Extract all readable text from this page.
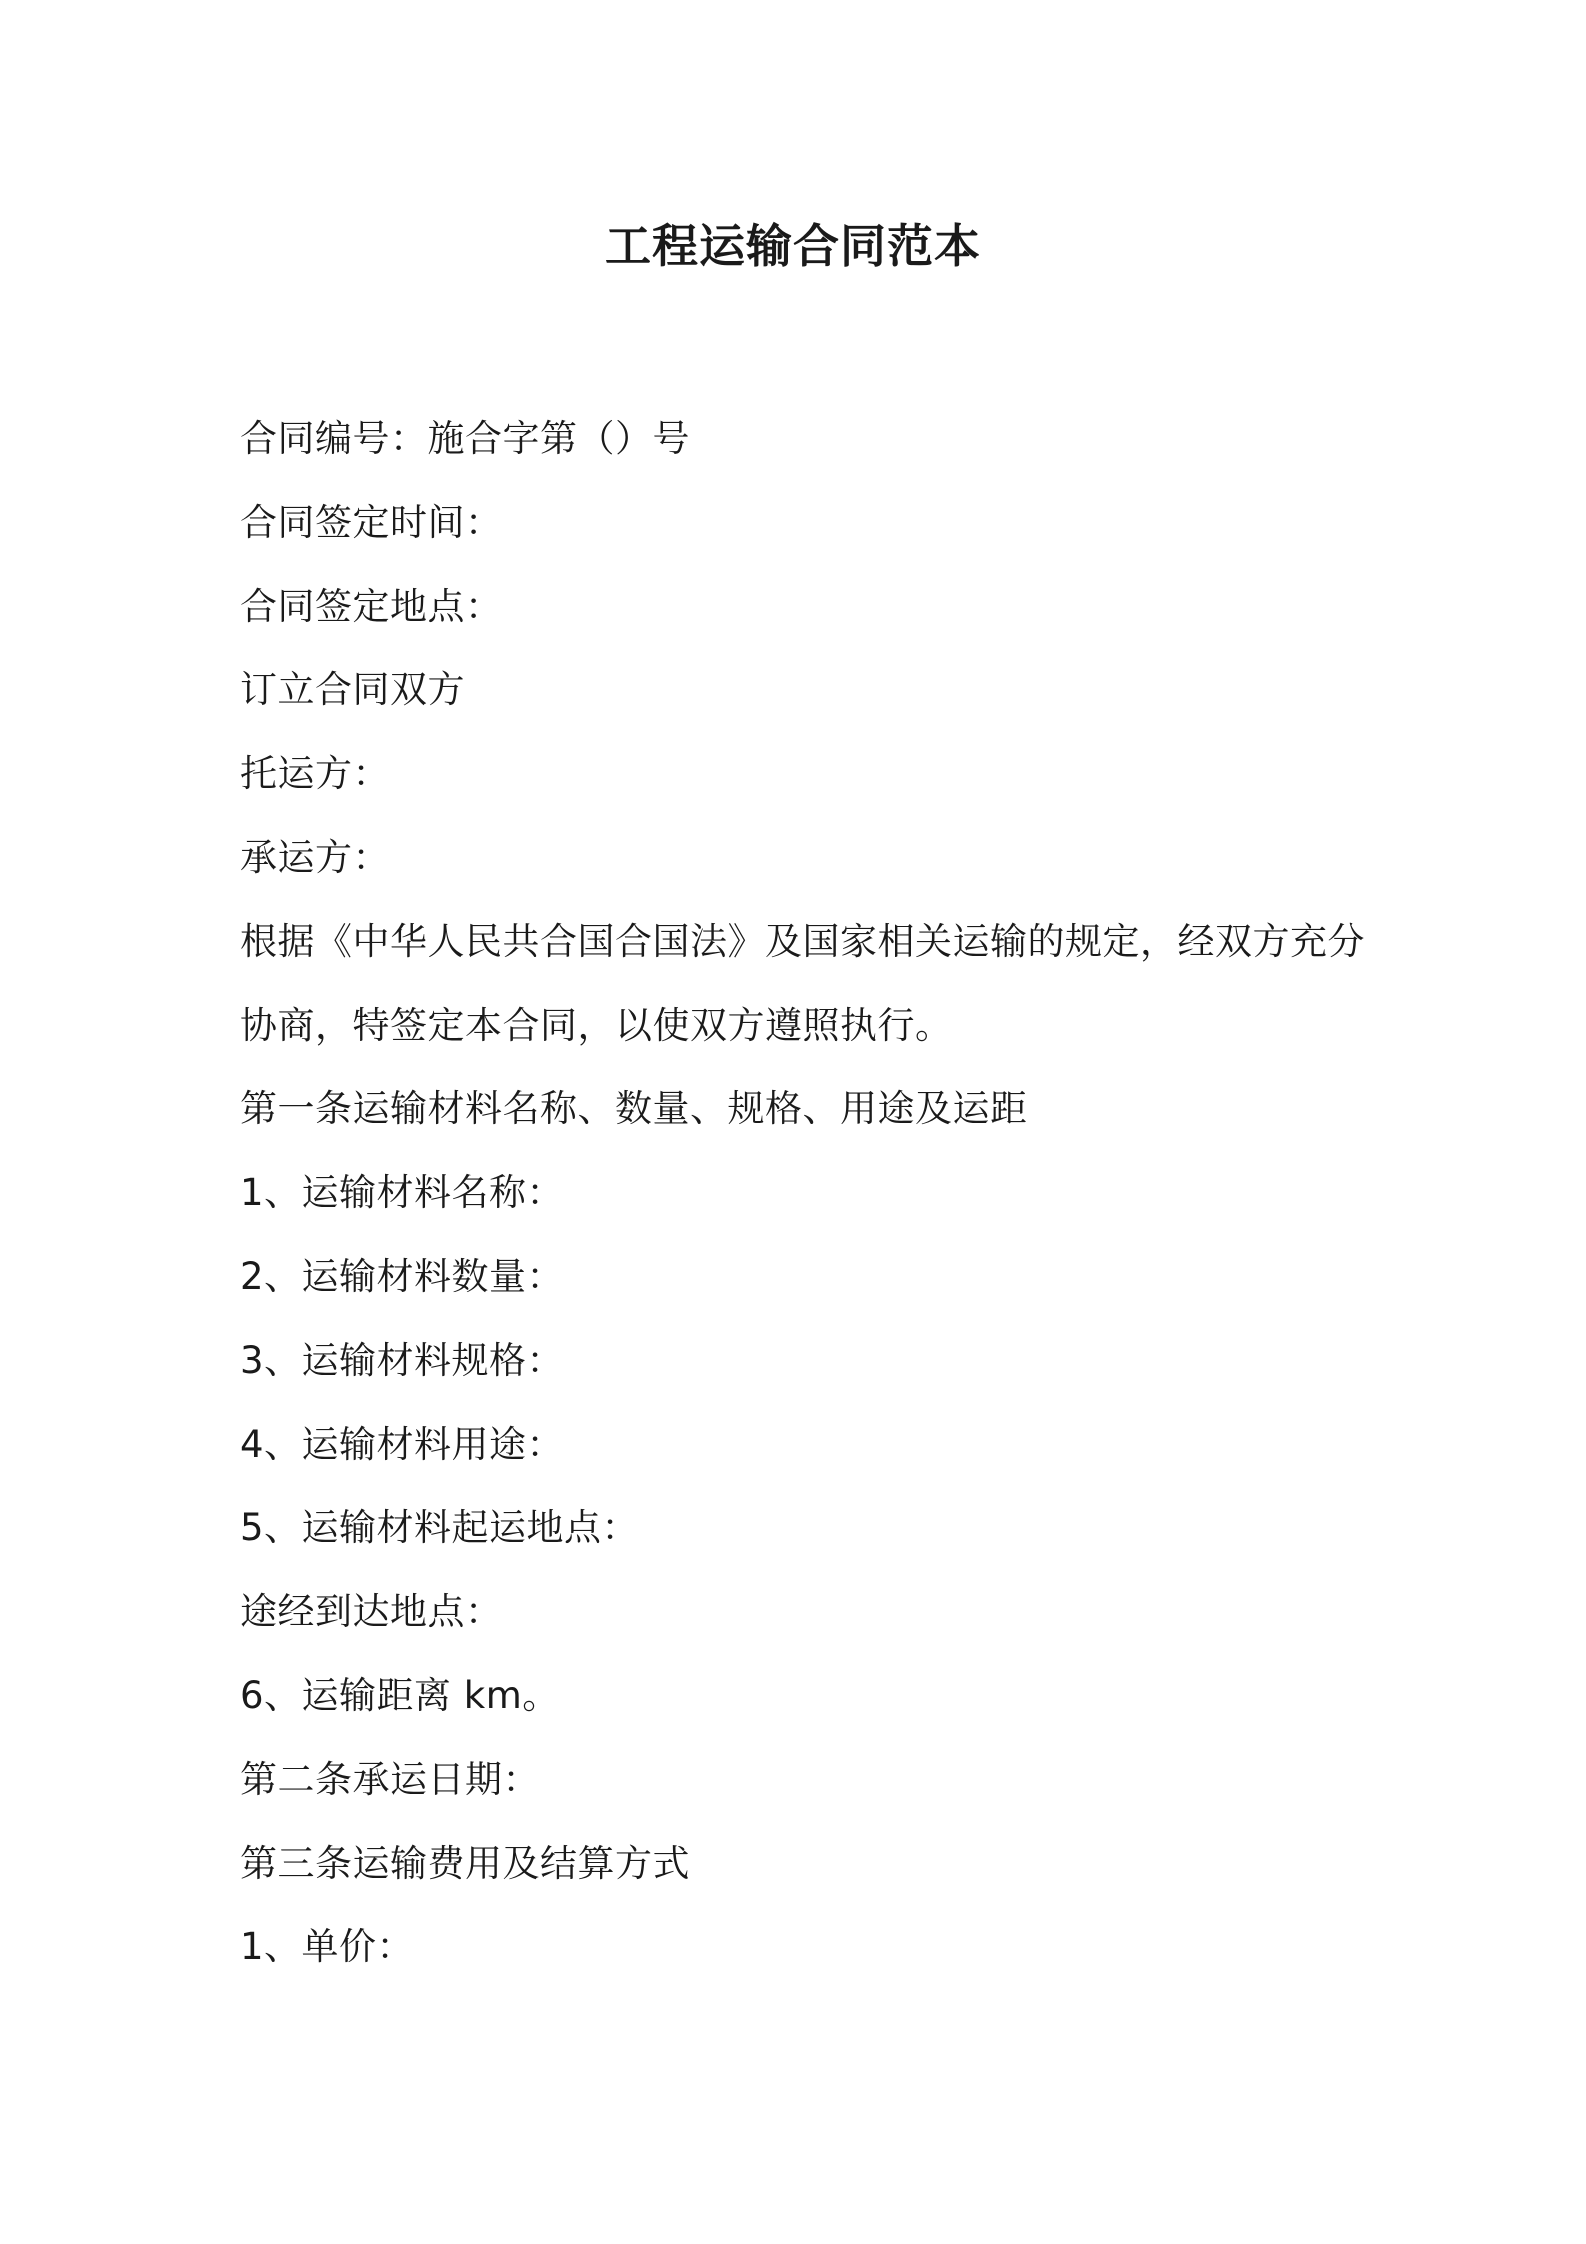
工程运输合同范本
合同编号：施合字第（）号
合同签定时间：
合同签定地点：
订立合同双方
托运方：
承运方：
根据《中华人民共合国合国法》及国家相关运输的规定，经双方充分
协商，特签定本合同，以使双方遵照执行。
第一条运输材料名称、数量、规格、用途及运距
1、运输材料名称：
2、运输材料数量：
3、运输材料规格：
4、运输材料用途：
5、运输材料起运地点：
途经到达地点：
6、运输距离 km。
第二条承运日期：
第三条运输费用及结算方式
1、单价：
